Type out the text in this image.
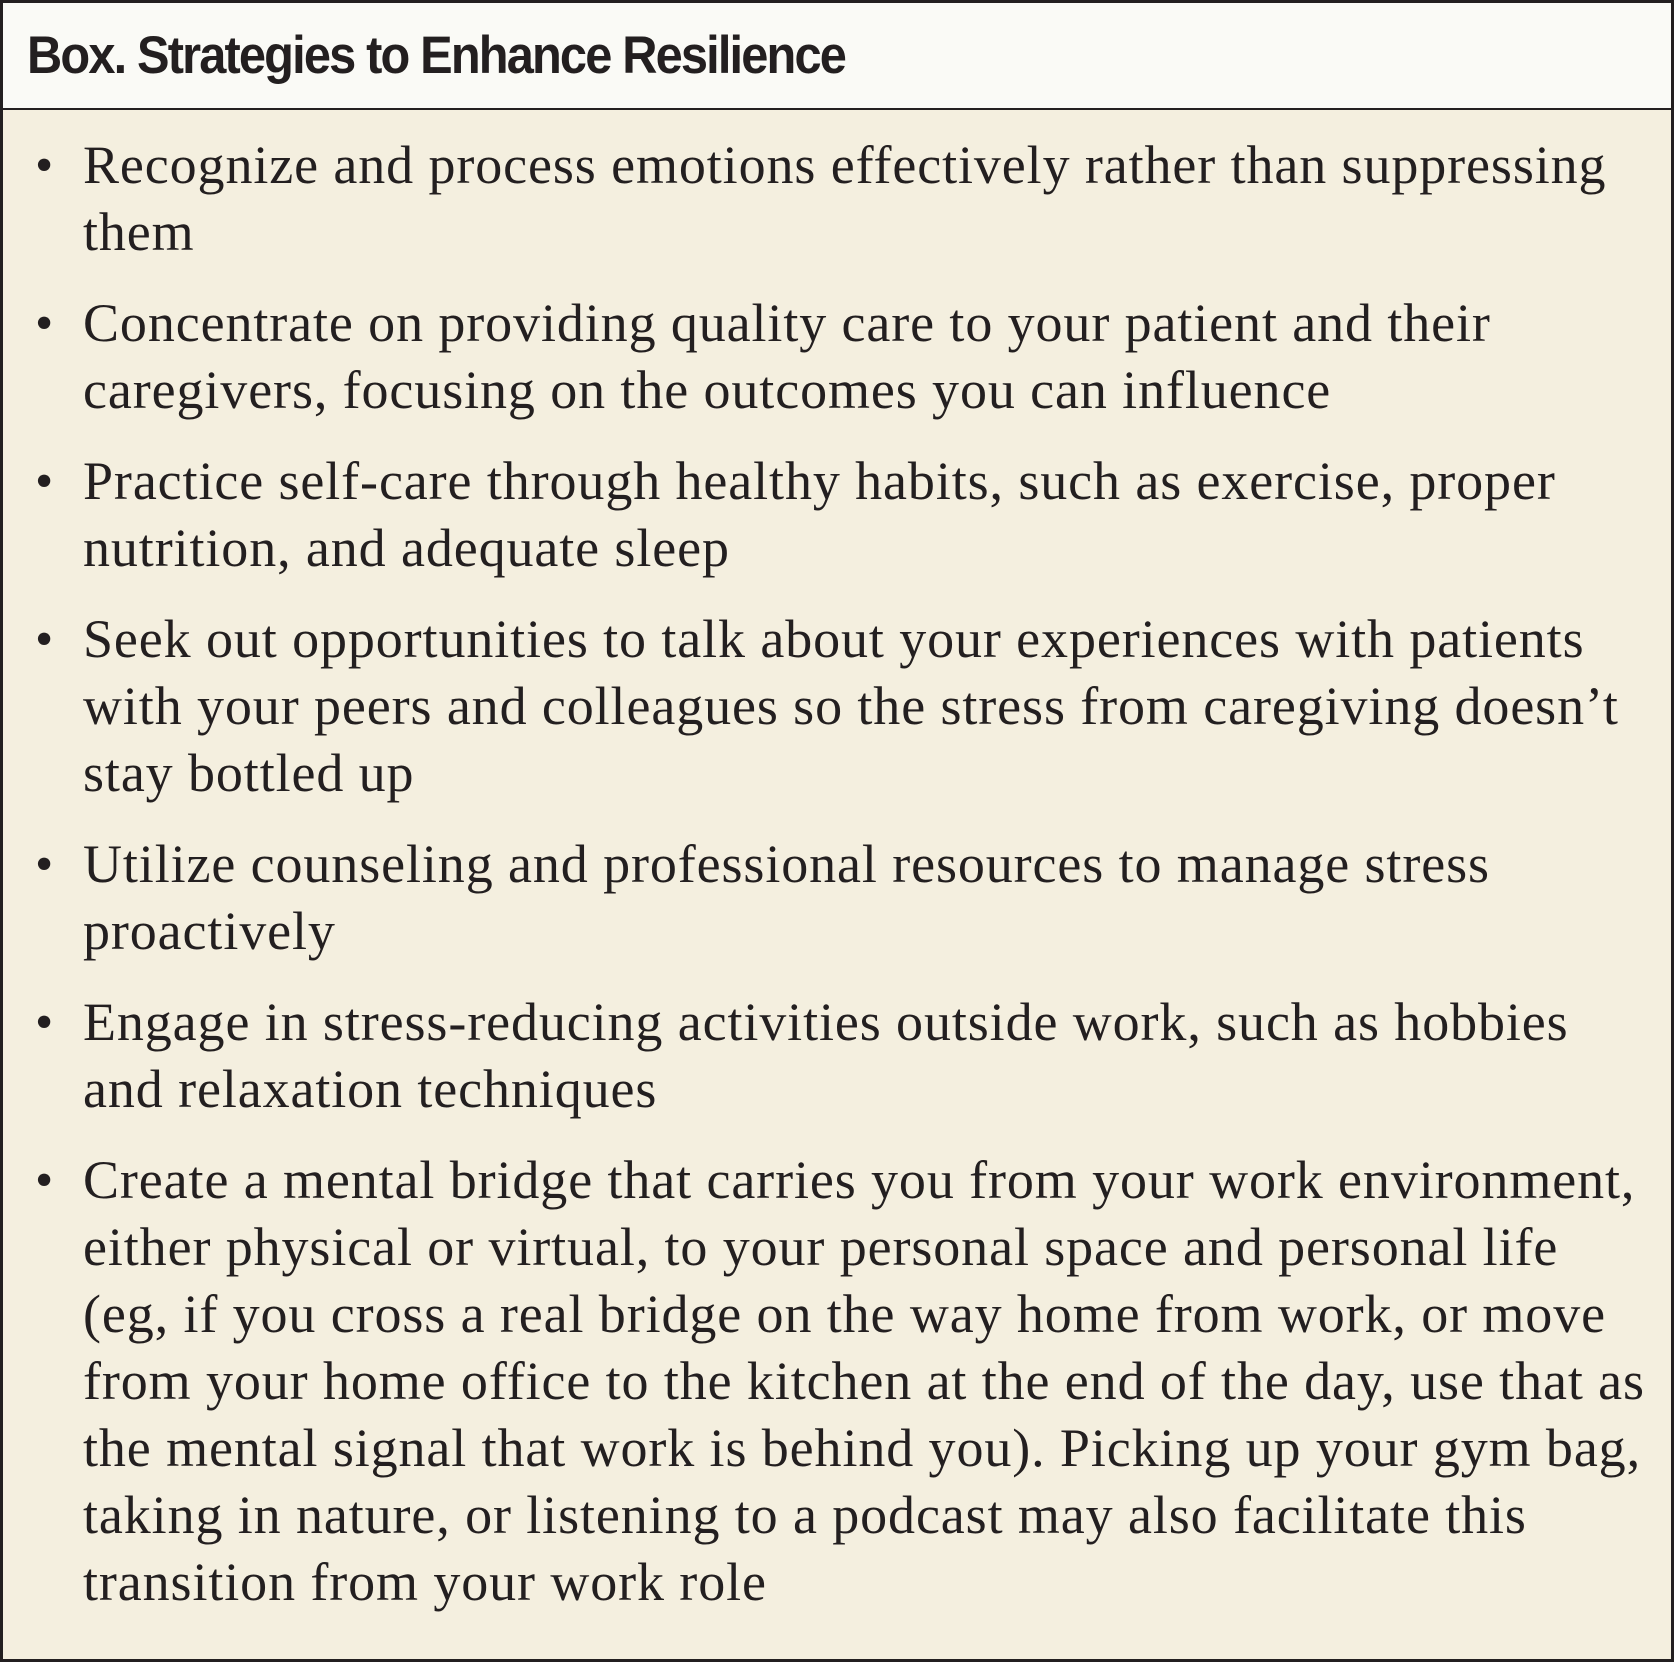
Box. Strategies to Enhance Resilience
• Recognize and process emotions effectively rather than suppressing them
• Concentrate on providing quality care to your patient and their caregivers, focusing on the outcomes you can influence
• Practice self-care through healthy habits, such as exercise, proper nutrition, and adequate sleep
• Seek out opportunities to talk about your experiences with patients with your peers and colleagues so the stress from caregiving doesn’t stay bottled up
• Utilize counseling and professional resources to manage stress proactively
• Engage in stress-reducing activities outside work, such as hobbies and relaxation techniques
• Create a mental bridge that carries you from your work environment, either physical or virtual, to your personal space and personal life (eg, if you cross a real bridge on the way home from work, or move from your home office to the kitchen at the end of the day, use that as the mental signal that work is behind you). Picking up your gym bag, taking in nature, or listening to a podcast may also facilitate this transition from your work role
